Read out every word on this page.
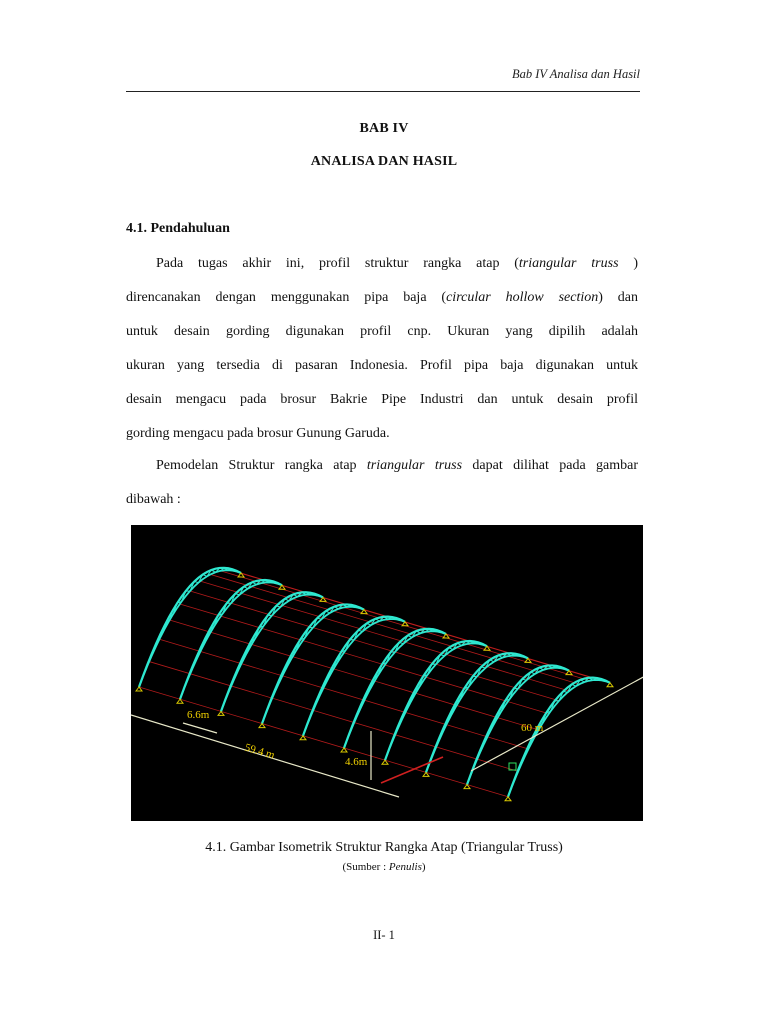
Bab IV Analisa dan Hasil
BAB IV
ANALISA DAN HASIL
4.1. Pendahuluan
Pada tugas akhir ini, profil struktur rangka atap (triangular truss )
direncanakan dengan menggunakan pipa baja (circular hollow section) dan
untuk desain gording digunakan profil cnp. Ukuran yang dipilih adalah
ukuran yang tersedia di pasaran Indonesia. Profil pipa baja digunakan untuk
desain mengacu pada brosur Bakrie Pipe Industri dan untuk desain profil
gording mengacu pada brosur Gunung Garuda.
Pemodelan Struktur rangka atap triangular truss dapat dilihat pada gambar
dibawah :
6.6m
59.4 m
4.6m
60 m
4.1. Gambar Isometrik Struktur Rangka Atap (Triangular Truss)
(Sumber : Penulis)
II- 1
